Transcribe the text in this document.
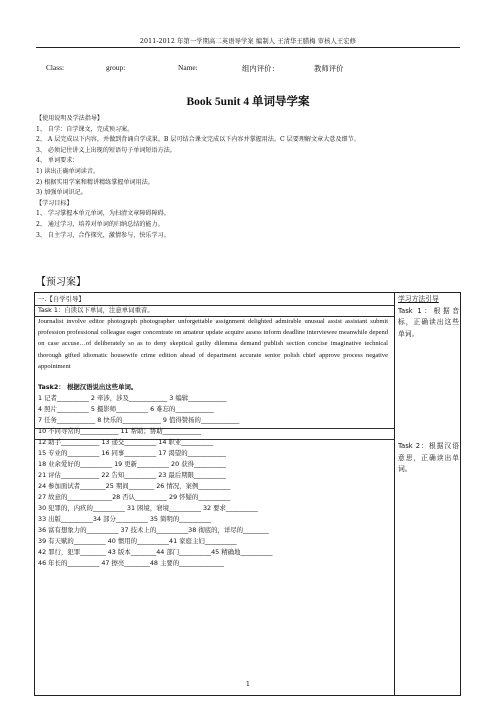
2011-2012 年第一学期高二英语导学案 编制人 王清华王腊梅 审核人王宏修
Class:	group:	Name:	组内评价：	教师评价
Book 5unit 4 单词导学案
【使用说明及学法指导】
1、 自学：自学课文，完成预习案。
2、 A 层完成以下内容，并做到背诵自学成果。B 层可结合课文完成以下内容并掌握用法。C 层要理解文章大意及细节。
3、 必须记住讲义上出现的短语句子单词短语方法。
4、 单词要求：
1) 读出正确单词读音。
2) 根据实用学案和精讲精练掌握单词用法。
3) 加强单词识记。
【学习目标】
1、 学习掌握本单元单词，为扫清文章障碍障碍。
2、 通过学习，培养对单词的归纳总结的能力。
3、 自主学习，合作探究，激情参与，快乐学习。
【预习案】
一.【自学引导】
Task 1：自读以下单词，注意单词重音。

Journalist involve editor photograph photographer unforgettable assignment delighted admirable unusual assist assistant submit profession professional colleague eager concentrate on amateur update acquire assess inform deadline interviewee meanwhile depend on case accuse…of deliberately so as to deny skeptical guilty dilemma demand publish section concise imaginative technical thorough gifted idiomatic housewife crime edition ahead of department accurate senior polish chief approve process negative appointment

Task2： 根据汉语说出这些单词。
1 记者__________ 2 牵涉，涉及____________ 3 编辑____________
4 照片__________ 5 摄影师__________ 6 难忘的____________
7 任务____________ 8 快乐的____________ 9 值得赞扬的____________
10 不同寻常的____________ 11 帮助；协助____________
12 助手____________ 13 递交__________ 14 职业__________
15 专业的__________ 16 同事__________ 17 渴望的____________
18 业余爱好的__________ 19 更新__________ 20 获得__________
21 评估____________ 22 告知__________ 23 最后期限__________
24 参加面试者________25 期间________ 26 情况，案例__________
27 故意的______________28 否认__________ 29 怀疑的__________
30 犯罪的，内疚的__________ 31 困境，窘境__________ 32 要求__________
33 出版__________34 部分__________ 35 简明的__________
36 富有想象力的__________ 37 技术上的__________38 彻底的，详尽的________
39 有天赋的__________ 40 惯用的__________41 家庭主妇__________
42 罪行，犯罪________ 43 版本________44 部门__________45 精确地__________
46 年长的__________ 47 擦亮________48 主要的______________
学习方法引导
Task 1：根据音标，正确读出这些单词。
Task 2：根据汉语意思，正确读出单词。
1
